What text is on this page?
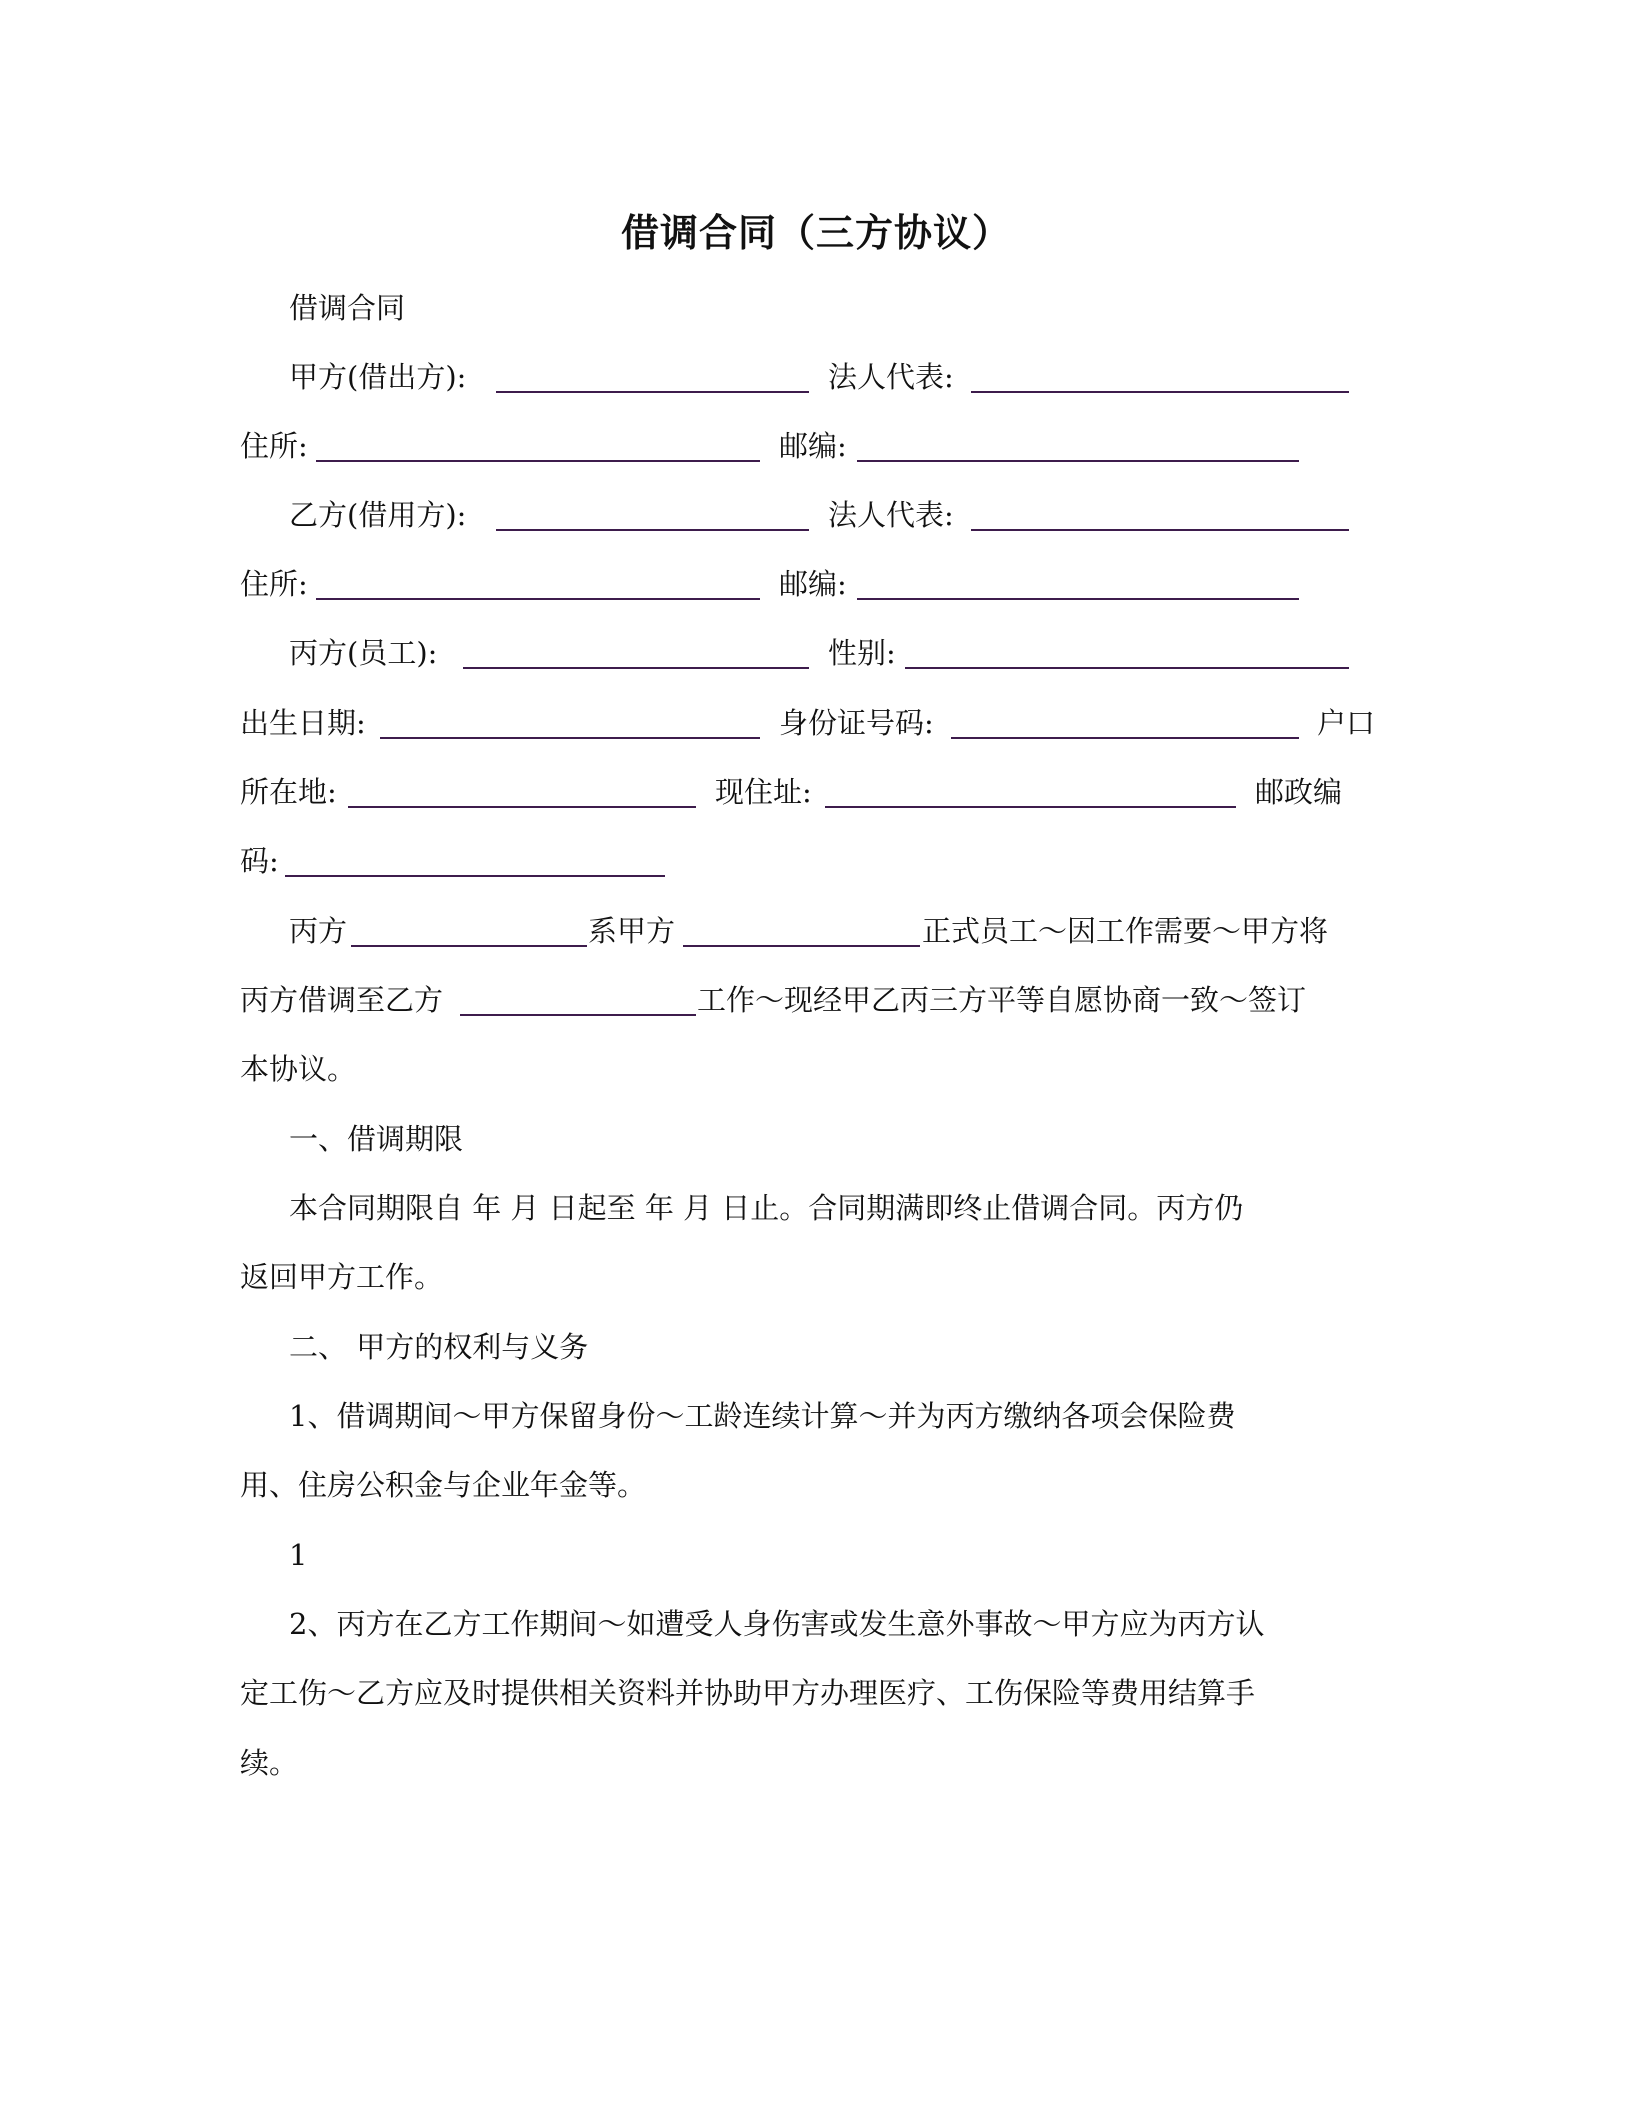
借调合同（三方协议）
借调合同
甲方(借出方):	法人代表:
住所:	邮编:
乙方(借用方):	法人代表:
住所:	邮编:
丙方(员工):	性别:
出生日期:	身份证号码:	户口
所在地:	现住址:	邮政编
码:
丙方	系甲方	正式员工～因工作需要～甲方将
丙方借调至乙方	工作～现经甲乙丙三方平等自愿协商一致～签订
本协议。
一、借调期限
本合同期限自 年 月 日起至 年 月 日止。合同期满即终止借调合同。丙方仍
返回甲方工作。
二、 甲方的权利与义务
1、借调期间～甲方保留身份～工龄连续计算～并为丙方缴纳各项会保险费
用、住房公积金与企业年金等。
1
2、丙方在乙方工作期间～如遭受人身伤害或发生意外事故～甲方应为丙方认
定工伤～乙方应及时提供相关资料并协助甲方办理医疗、工伤保险等费用结算手
续。
